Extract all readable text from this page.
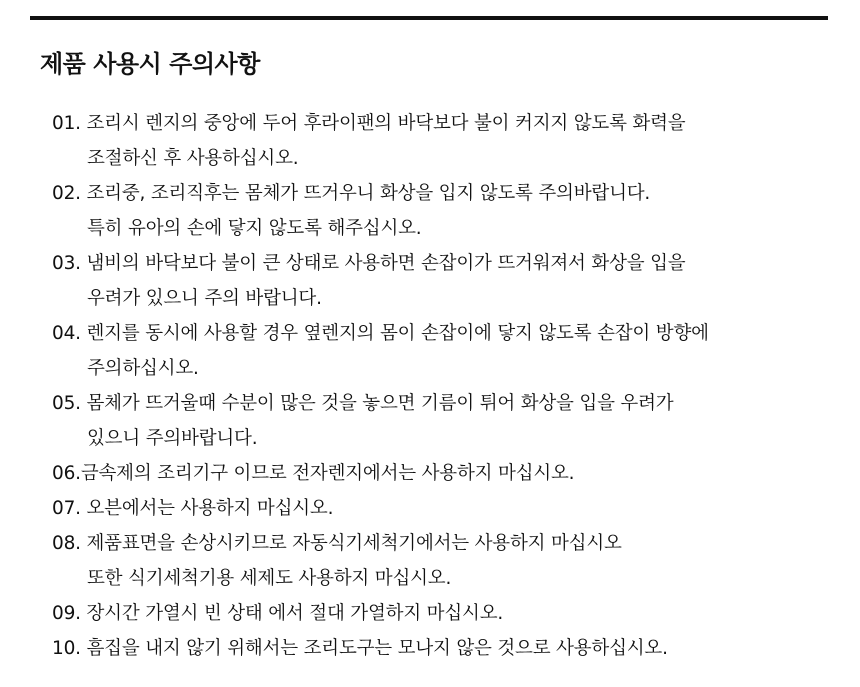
제품 사용시 주의사항
01. 조리시 렌지의 중앙에 두어 후라이팬의 바닥보다 불이 커지지 않도록 화력을
조절하신 후 사용하십시오.
02. 조리중, 조리직후는 몸체가 뜨거우니 화상을 입지 않도록 주의바랍니다.
특히 유아의 손에 닿지 않도록 해주십시오.
03. 냄비의 바닥보다 불이 큰 상태로 사용하면 손잡이가 뜨거워져서 화상을 입을
우려가 있으니 주의 바랍니다.
04. 렌지를 동시에 사용할 경우 옆렌지의 몸이 손잡이에 닿지 않도록 손잡이 방향에
주의하십시오.
05. 몸체가 뜨거울때 수분이 많은 것을 놓으면 기름이 튀어 화상을 입을 우려가
있으니 주의바랍니다.
06.금속제의 조리기구 이므로 전자렌지에서는 사용하지 마십시오.
07. 오븐에서는 사용하지 마십시오.
08. 제품표면을 손상시키므로 자동식기세척기에서는 사용하지 마십시오
또한 식기세척기용 세제도 사용하지 마십시오.
09. 장시간 가열시 빈 상태 에서 절대 가열하지 마십시오.
10. 흠집을 내지 않기 위해서는 조리도구는 모나지 않은 것으로 사용하십시오.
